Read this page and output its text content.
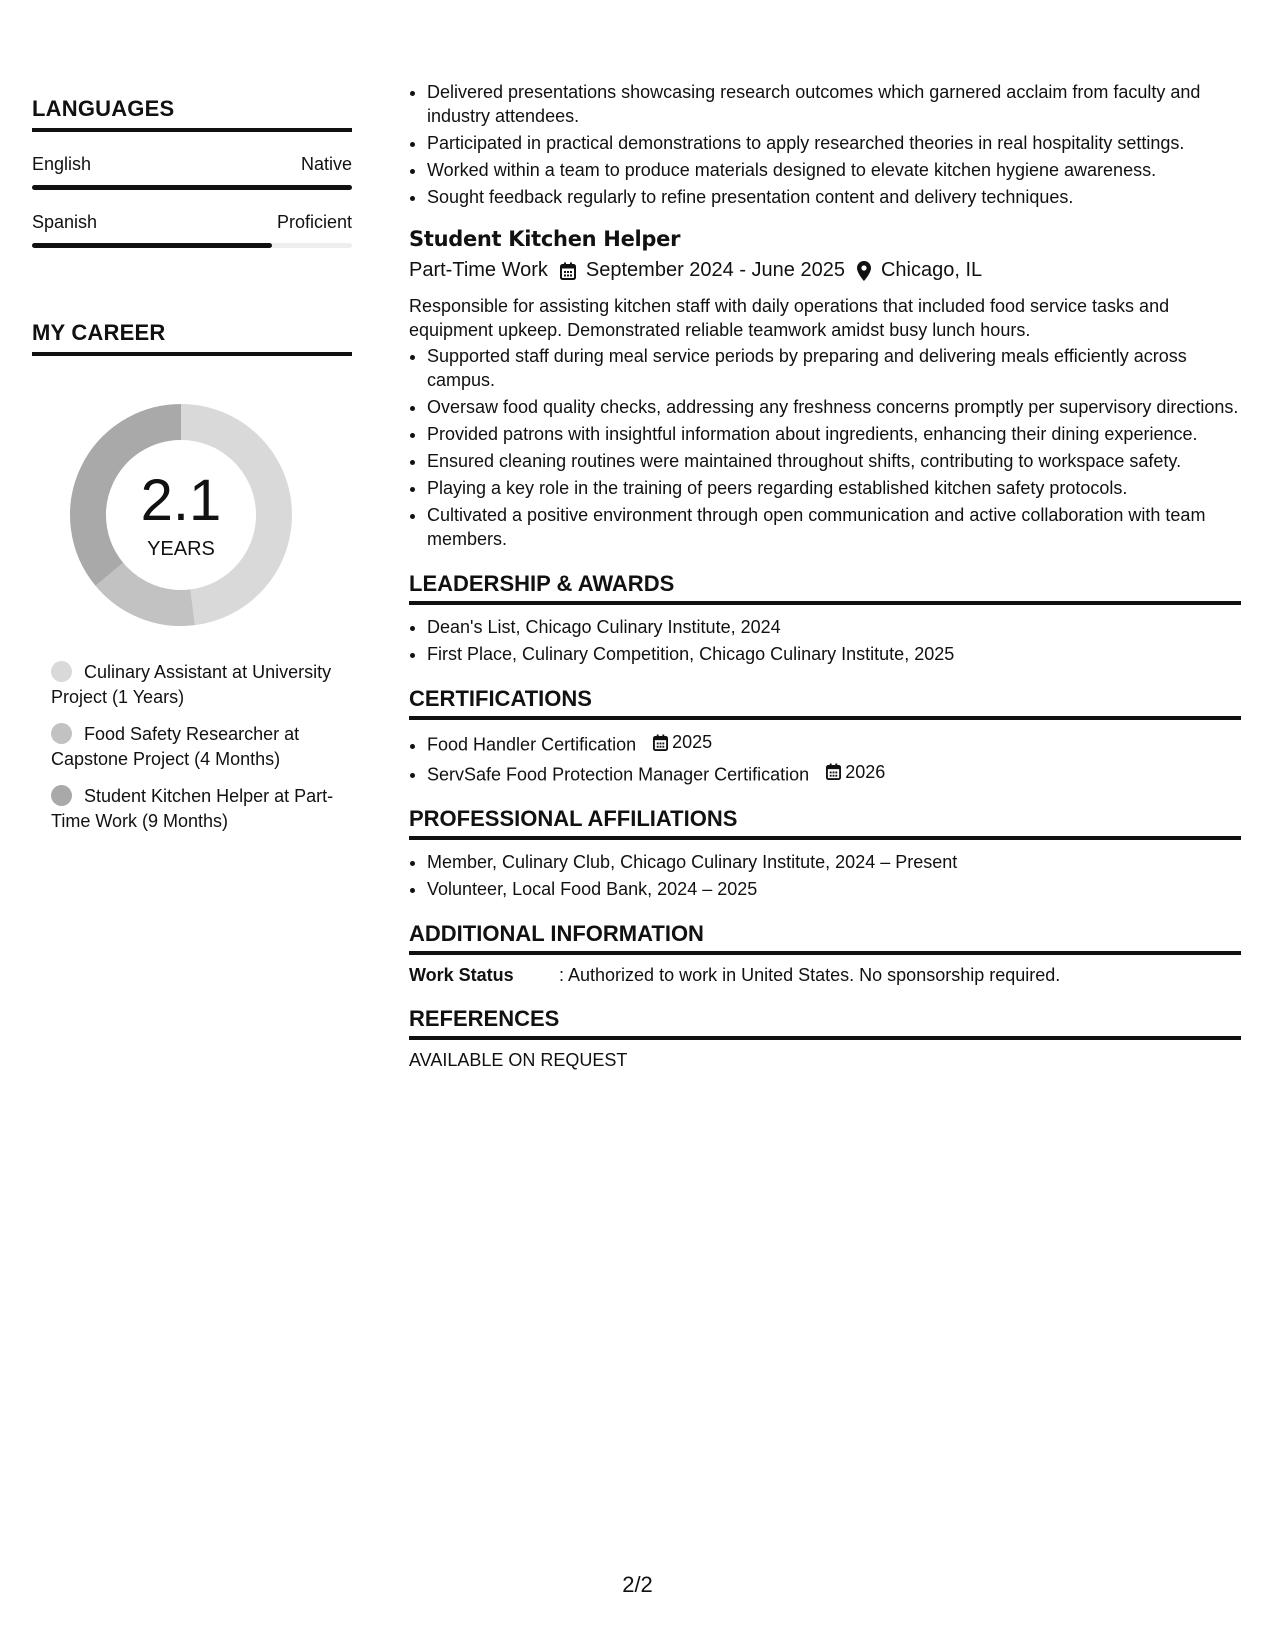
LANGUAGES
English	Native
Spanish	Proficient
MY CAREER
2.1
YEARS
Culinary Assistant at University Project (1 Years)
Food Safety Researcher at Capstone Project (4 Months)
Student Kitchen Helper at Part-Time Work (9 Months)
• Delivered presentations showcasing research outcomes which garnered acclaim from faculty and industry attendees.
• Participated in practical demonstrations to apply researched theories in real hospitality settings.
• Worked within a team to produce materials designed to elevate kitchen hygiene awareness.
• Sought feedback regularly to refine presentation content and delivery techniques.
Student Kitchen Helper
Part-Time Work September 2024 - June 2025 Chicago, IL

Responsible for assisting kitchen staff with daily operations that included food service tasks and equipment upkeep. Demonstrated reliable teamwork amidst busy lunch hours.

• Supported staff during meal service periods by preparing and delivering meals efficiently across campus.
• Oversaw food quality checks, addressing any freshness concerns promptly per supervisory directions.
• Provided patrons with insightful information about ingredients, enhancing their dining experience.
• Ensured cleaning routines were maintained throughout shifts, contributing to workspace safety.
• Playing a key role in the training of peers regarding established kitchen safety protocols.
• Cultivated a positive environment through open communication and active collaboration with team members.
LEADERSHIP & AWARDS
• Dean's List, Chicago Culinary Institute, 2024
• First Place, Culinary Competition, Chicago Culinary Institute, 2025
CERTIFICATIONS
• Food Handler Certification 2025
• ServSafe Food Protection Manager Certification 2026
PROFESSIONAL AFFILIATIONS
• Member, Culinary Club, Chicago Culinary Institute, 2024 – Present
• Volunteer, Local Food Bank, 2024 – 2025
ADDITIONAL INFORMATION
Work Status	: Authorized to work in United States. No sponsorship required.
REFERENCES
AVAILABLE ON REQUEST
2/2
